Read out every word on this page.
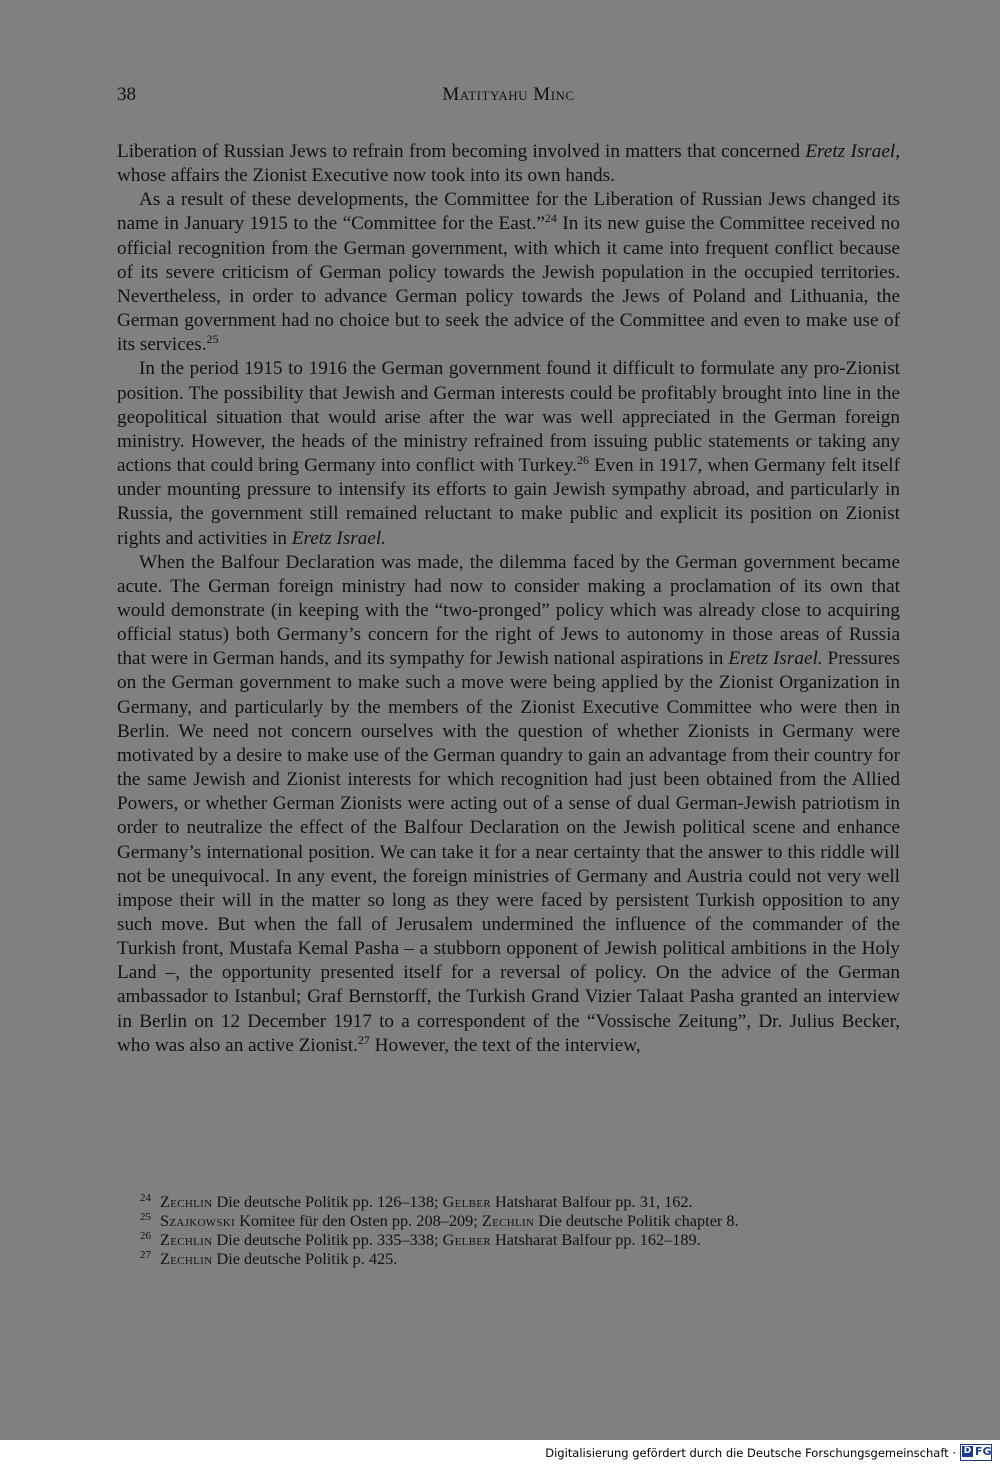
38	Matityahu Minc

Liberation of Russian Jews to refrain from becoming involved in matters that concerned Eretz Israel, whose affairs the Zionist Executive now took into its own hands.

As a result of these developments, the Committee for the Liberation of Russian Jews changed its name in January 1915 to the “Committee for the East.”$^{24}$ In its new guise the Committee received no official recognition from the German government, with which it came into frequent conflict because of its severe criticism of German policy towards the Jewish population in the occupied territories. Nevertheless, in order to advance German policy towards the Jews of Poland and Lithuania, the German government had no choice but to seek the advice of the Committee and even to make use of its services.$^{25}$

In the period 1915 to 1916 the German government found it difficult to formulate any pro-Zionist position. The possibility that Jewish and German interests could be profitably brought into line in the geopolitical situation that would arise after the war was well appreciated in the German foreign ministry. However, the heads of the ministry refrained from issuing public statements or taking any actions that could bring Germany into conflict with Turkey.$^{26}$ Even in 1917, when Germany felt itself under mounting pressure to intensify its efforts to gain Jewish sympathy abroad, and particularly in Russia, the government still remained reluctant to make public and explicit its position on Zionist rights and activities in Eretz Israel.

When the Balfour Declaration was made, the dilemma faced by the German government became acute. The German foreign ministry had now to consider making a proclamation of its own that would demonstrate (in keeping with the “two-pronged” policy which was already close to acquiring official status) both Germany’s concern for the right of Jews to autonomy in those areas of Russia that were in German hands, and its sympathy for Jewish national aspirations in Eretz Israel. Pressures on the German government to make such a move were being applied by the Zionist Organization in Germany, and particularly by the members of the Zionist Executive Committee who were then in Berlin. We need not concern ourselves with the question of whether Zionists in Germany were motivated by a desire to make use of the German quandry to gain an advantage from their country for the same Jewish and Zionist interests for which recognition had just been obtained from the Allied Powers, or whether German Zionists were acting out of a sense of dual German-Jewish patriotism in order to neutralize the effect of the Balfour Declaration on the Jewish political scene and enhance Germany’s international position. We can take it for a near certainty that the answer to this riddle will not be unequivocal. In any event, the foreign ministries of Germany and Austria could not very well impose their will in the matter so long as they were faced by persistent Turkish opposition to any such move. But when the fall of Jerusalem undermined the influence of the commander of the Turkish front, Mustafa Kemal Pasha – a stubborn opponent of Jewish political ambitions in the Holy Land –, the opportunity presented itself for a reversal of policy. On the advice of the German ambassador to Istanbul; Graf Bernstorff, the Turkish Grand Vizier Talaat Pasha granted an interview in Berlin on 12 December 1917 to a correspondent of the “Vossische Zeitung”, Dr. Julius Becker, who was also an active Zionist.$^{27}$ However, the text of the interview,

24 Zechlin Die deutsche Politik pp. 126–138; Gelber Hatsharat Balfour pp. 31, 162.

25 Szajkowski Komitee für den Osten pp. 208–209; Zechlin Die deutsche Politik chapter 8.

26 Zechlin Die deutsche Politik pp. 335–338; Gelber Hatsharat Balfour pp. 162–189.

27 Zechlin Die deutsche Politik p. 425.

Digitalisierung gefördert durch die Deutsche Forschungsgemeinschaft · D FG
